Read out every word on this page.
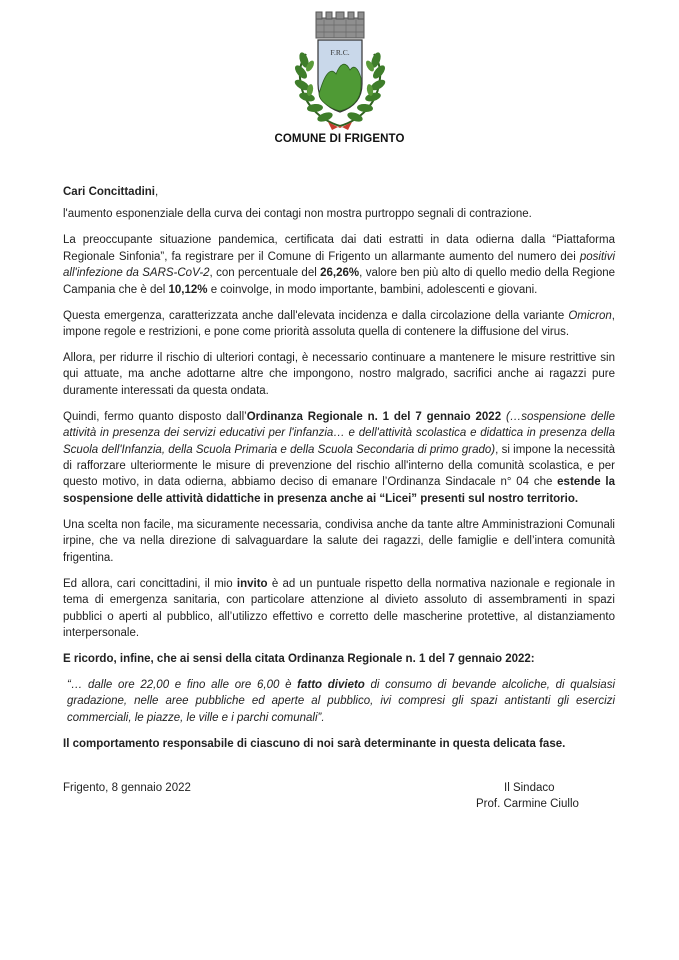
F.R.C.
COMUNE DI FRIGENTO

Cari Concittadini,

l'aumento esponenziale della curva dei contagi non mostra purtroppo segnali di contrazione.

La preoccupante situazione pandemica, certificata dai dati estratti in data odierna dalla “Piattaforma Regionale Sinfonia”, fa registrare per il Comune di Frigento un allarmante aumento del numero dei positivi all'infezione da SARS-CoV-2, con percentuale del 26,26%, valore ben più alto di quello medio della Regione Campania che è del 10,12% e coinvolge, in modo importante, bambini, adolescenti e giovani.

Questa emergenza, caratterizzata anche dall'elevata incidenza e dalla circolazione della variante Omicron, impone regole e restrizioni, e pone come priorità assoluta quella di contenere la diffusione del virus.

Allora, per ridurre il rischio di ulteriori contagi, è necessario continuare a mantenere le misure restrittive sin qui attuate, ma anche adottarne altre che impongono, nostro malgrado, sacrifici anche ai ragazzi pure duramente interessati da questa ondata.

Quindi, fermo quanto disposto dall’Ordinanza Regionale n. 1 del 7 gennaio 2022 (…sospensione delle attività in presenza dei servizi educativi per l'infanzia… e dell'attività scolastica e didattica in presenza della Scuola dell'Infanzia, della Scuola Primaria e della Scuola Secondaria di primo grado), si impone la necessità di rafforzare ulteriormente le misure di prevenzione del rischio all'interno della comunità scolastica, e per questo motivo, in data odierna, abbiamo deciso di emanare l’Ordinanza Sindacale n° 04 che estende la sospensione delle attività didattiche in presenza anche ai “Licei” presenti sul nostro territorio.

Una scelta non facile, ma sicuramente necessaria, condivisa anche da tante altre Amministrazioni Comunali irpine, che va nella direzione di salvaguardare la salute dei ragazzi, delle famiglie e dell’intera comunità frigentina.

Ed allora, cari concittadini, il mio invito è ad un puntuale rispetto della normativa nazionale e regionale in tema di emergenza sanitaria, con particolare attenzione al divieto assoluto di assembramenti in spazi pubblici o aperti al pubblico, all’utilizzo effettivo e corretto delle mascherine protettive, al distanziamento interpersonale.

E ricordo, infine, che ai sensi della citata Ordinanza Regionale n. 1 del 7 gennaio 2022:

“… dalle ore 22,00 e fino alle ore 6,00 è fatto divieto di consumo di bevande alcoliche, di qualsiasi gradazione, nelle aree pubbliche ed aperte al pubblico, ivi compresi gli spazi antistanti gli esercizi commerciali, le piazze, le ville e i parchi comunali”.

Il comportamento responsabile di ciascuno di noi sarà determinante in questa delicata fase.

Frigento, 8 gennaio 2022	Il Sindaco
Prof. Carmine Ciullo
